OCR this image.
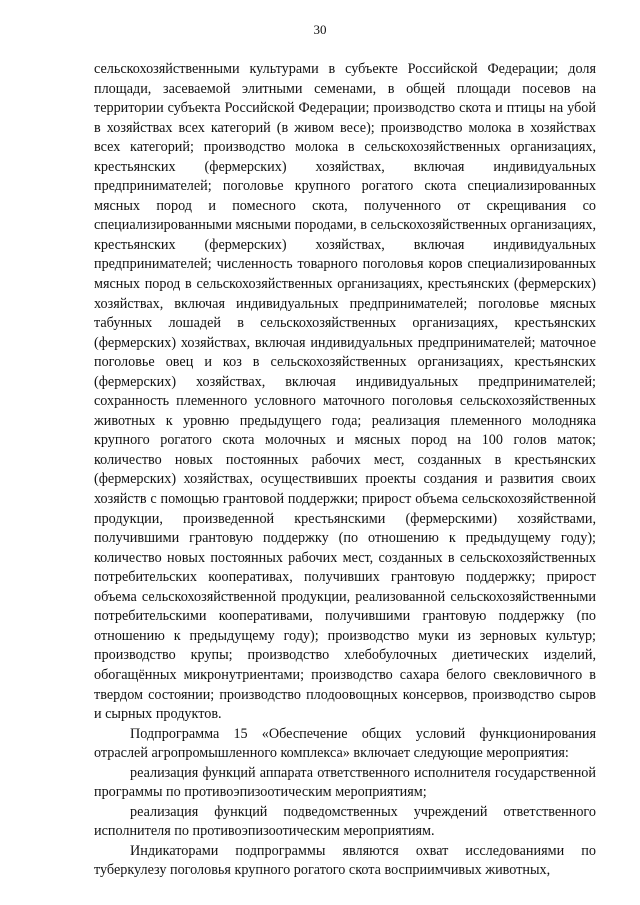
30

сельскохозяйственными культурами в субъекте Российской Федерации; доля площади, засеваемой элитными семенами, в общей площади посевов на территории субъекта Российской Федерации; производство скота и птицы на убой в хозяйствах всех категорий (в живом весе); производство молока в хозяйствах всех категорий; производство молока в сельскохозяйственных организациях, крестьянских (фермерских) хозяйствах, включая индивидуальных предпринимателей; поголовье крупного рогатого скота специализированных мясных пород и помесного скота, полученного от скрещивания со специализированными мясными породами, в сельскохозяйственных организациях, крестьянских (фермерских) хозяйствах, включая индивидуальных предпринимателей; численность товарного поголовья коров специализированных мясных пород в сельскохозяйственных организациях, крестьянских (фермерских) хозяйствах, включая индивидуальных предпринимателей; поголовье мясных табунных лошадей в сельскохозяйственных организациях, крестьянских (фермерских) хозяйствах, включая индивидуальных предпринимателей; маточное поголовье овец и коз в сельскохозяйственных организациях, крестьянских (фермерских) хозяйствах, включая индивидуальных предпринимателей; сохранность племенного условного маточного поголовья сельскохозяйственных животных к уровню предыдущего года; реализация племенного молодняка крупного рогатого скота молочных и мясных пород на 100 голов маток; количество новых постоянных рабочих мест, созданных в крестьянских (фермерских) хозяйствах, осуществивших проекты создания и развития своих хозяйств с помощью грантовой поддержки; прирост объема сельскохозяйственной продукции, произведенной крестьянскими (фермерскими) хозяйствами, получившими грантовую поддержку (по отношению к предыдущему году); количество новых постоянных рабочих мест, созданных в сельскохозяйственных потребительских кооперативах, получивших грантовую поддержку; прирост объема сельскохозяйственной продукции, реализованной сельскохозяйственными потребительскими кооперативами, получившими грантовую поддержку (по отношению к предыдущему году); производство муки из зерновых культур; производство крупы; производство хлебобулочных диетических изделий, обогащённых микронутриентами; производство сахара белого свекловичного в твердом состоянии; производство плодоовощных консервов, производство сыров и сырных продуктов.

Подпрограмма 15 «Обеспечение общих условий функционирования отраслей агропромышленного комплекса» включает следующие мероприятия:

реализация функций аппарата ответственного исполнителя государственной программы по противоэпизоотическим мероприятиям;

реализация функций подведомственных учреждений ответственного исполнителя по противоэпизоотическим мероприятиям.

Индикаторами подпрограммы являются охват исследованиями по туберкулезу поголовья крупного рогатого скота восприимчивых животных,
